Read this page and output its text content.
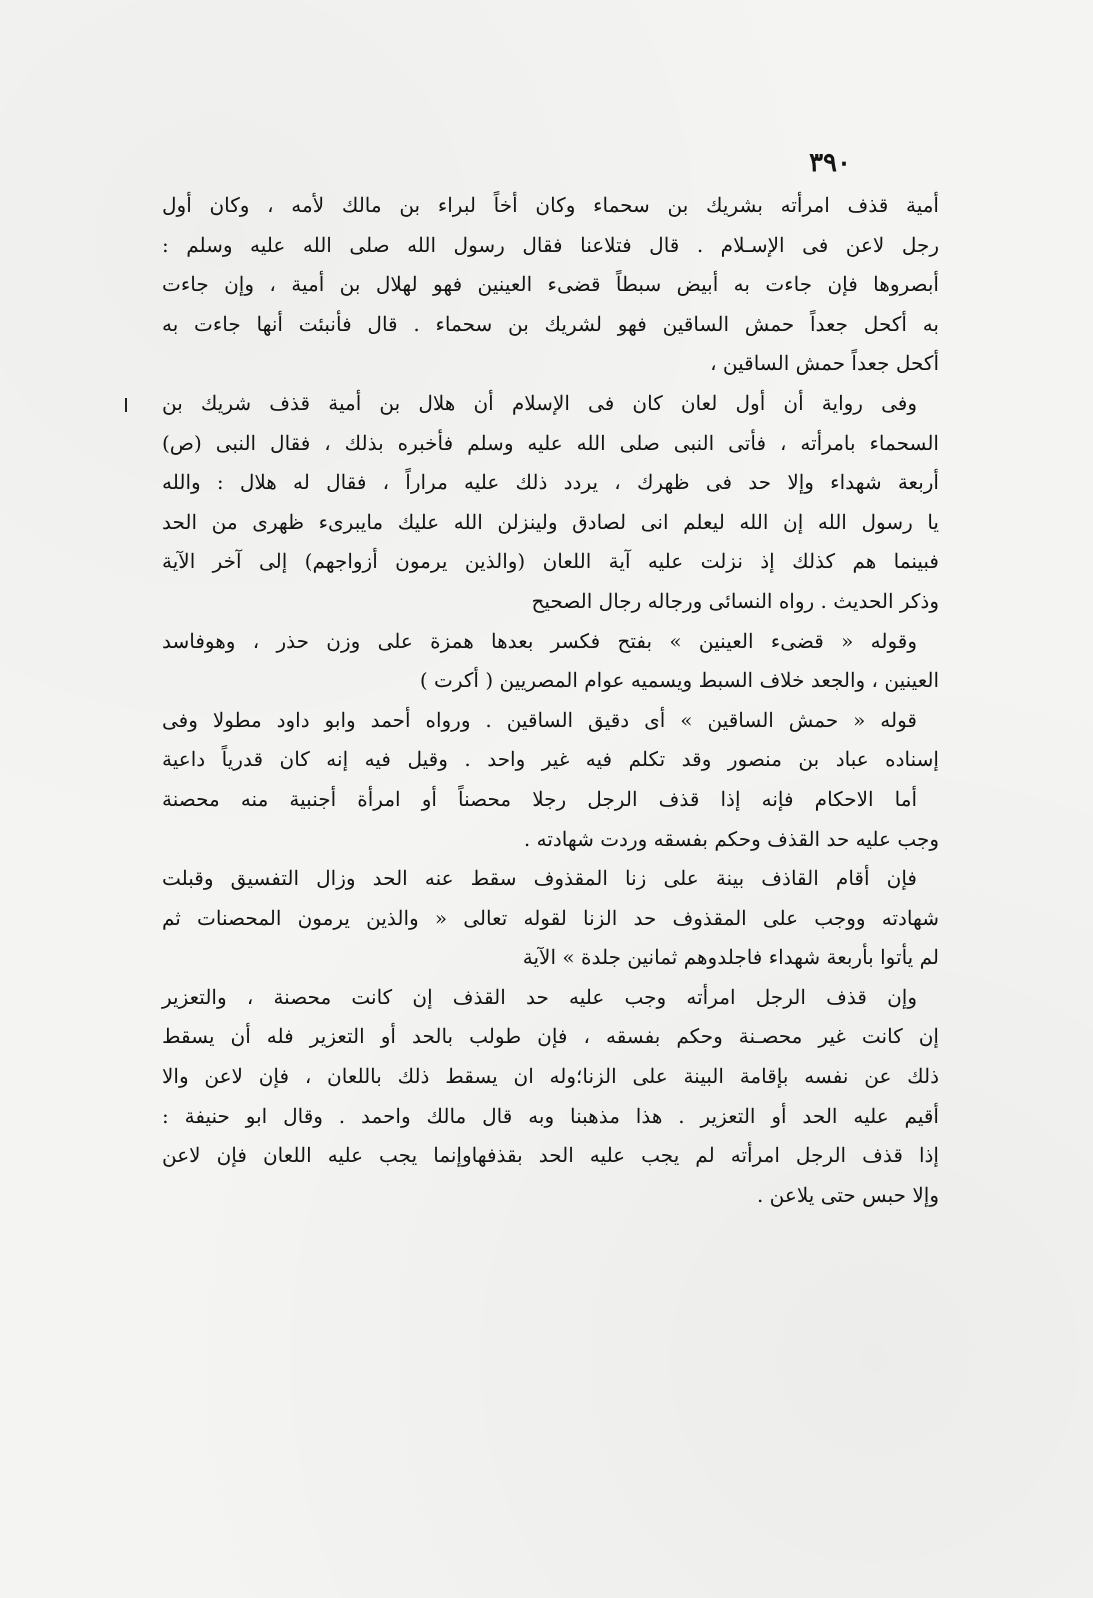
٣٩٠

أمية قذف امرأته بشريك بن سحماء وكان أخاً لبراء بن مالك لأمه ، وكان أول

رجل لاعن فى الإسـلام . قال فتلاعنا فقال رسول الله صلى الله عليه وسلم :

أبصروها فإن جاءت به أبيض سبطاً قضىء العينين فهو لهلال بن أمية ، وإن جاءت

به أكحل جعداً حمش الساقين فهو لشريك بن سحماء . قال فأنبئت أنها جاءت به

أكحل جعداً حمش الساقين ،

وفى رواية أن أول لعان كان فى الإسلام أن هلال بن أمية قذف شريك بن

السحماء بامرأته ، فأتى النبى صلى الله عليه وسلم فأخبره بذلك ، فقال النبى (ص)

أربعة شهداء وإلا حد فى ظهرك ، يردد ذلك عليه مراراً ، فقال له هلال : والله

يا رسول الله إن الله ليعلم انى لصادق ولينزلن الله عليك مايبرىء ظهرى من الحد

فبينما هم كذلك إذ نزلت عليه آية اللعان (والذين يرمون أزواجهم) إلى آخر الآية

وذكر الحديث . رواه النسائى ورجاله رجال الصحيح

وقوله « قضىء العينين » بفتح فكسر بعدها همزة على وزن حذر ، وهوفاسد

العينين ، والجعد خلاف السبط ويسميه عوام المصريين ( أكرت )

قوله « حمش الساقين » أى دقيق الساقين . ورواه أحمد وابو داود مطولا وفى

إسناده عباد بن منصور وقد تكلم فيه غير واحد . وقيل فيه إنه كان قدرياً داعية

أما الاحكام فإنه إذا قذف الرجل رجلا محصناً أو امرأة أجنبية منه محصنة

وجب عليه حد القذف وحكم بفسقه وردت شهادته .

فإن أقام القاذف بينة على زنا المقذوف سقط عنه الحد وزال التفسيق وقبلت

شهادته ووجب على المقذوف حد الزنا لقوله تعالى « والذين يرمون المحصنات ثم

لم يأتوا بأربعة شهداء فاجلدوهم ثمانين جلدة » الآية

وإن قذف الرجل امرأته وجب عليه حد القذف إن كانت محصنة ، والتعزير

إن كانت غير محصـنة وحكم بفسقه ، فإن طولب بالحد أو التعزير فله أن يسقط

ذلك عن نفسه بإقامة البينة على الزنا؛وله ان يسقط ذلك باللعان ، فإن لاعن والا

أقيم عليه الحد أو التعزير . هذا مذهبنا وبه قال مالك واحمد . وقال ابو حنيفة :

إذا قذف الرجل امرأته لم يجب عليه الحد بقذفهاوإنما يجب عليه اللعان فإن لاعن

وإلا حبس حتى يلاعن .
